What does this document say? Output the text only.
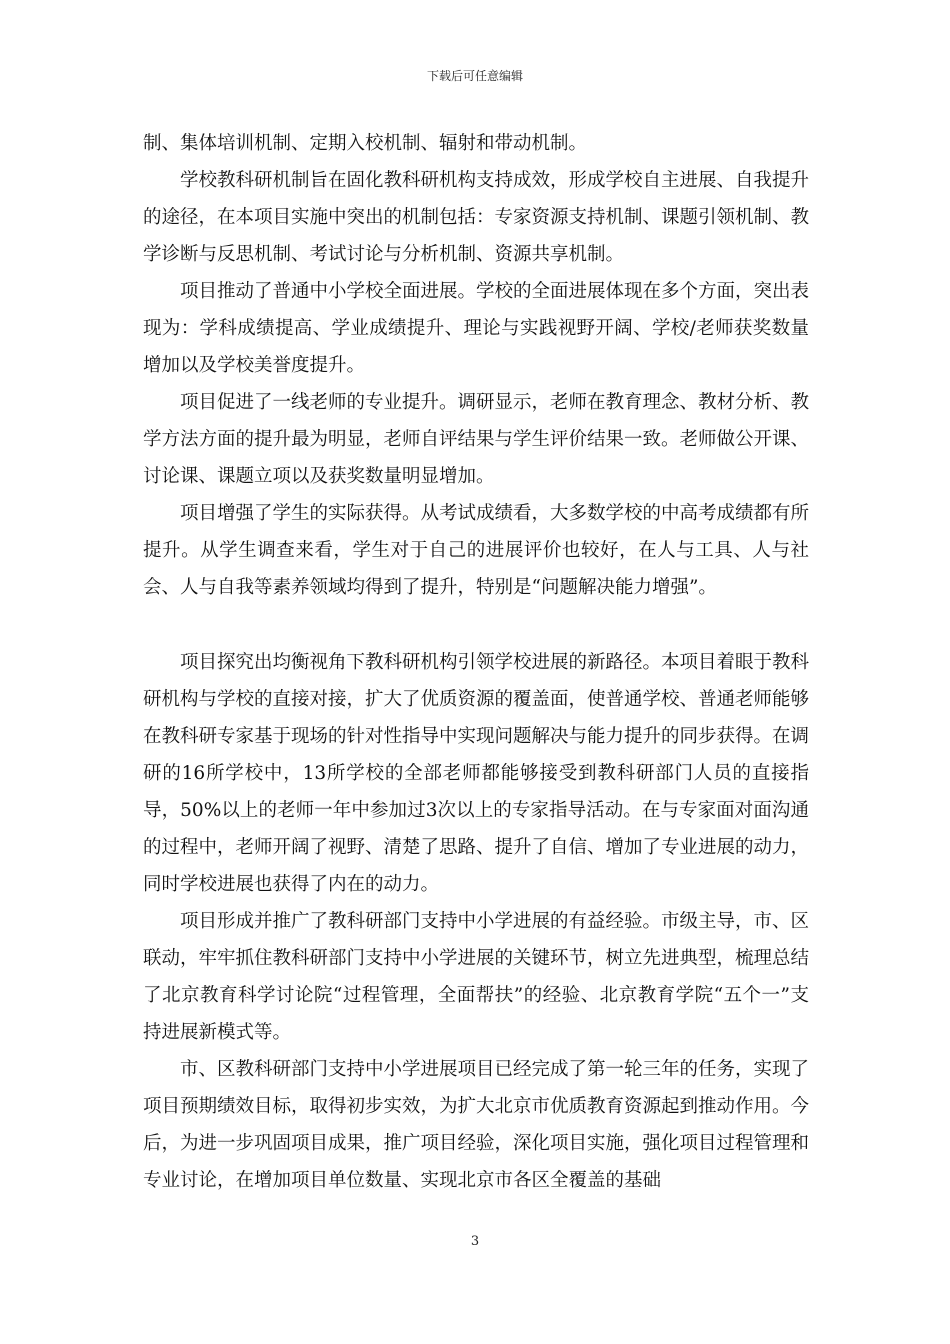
下载后可任意编辑

制、集体培训机制、定期入校机制、辐射和带动机制。

学校教科研机制旨在固化教科研机构支持成效，形成学校自主进展、自我提升的途径，在本项目实施中突出的机制包括：专家资源支持机制、课题引领机制、教学诊断与反思机制、考试讨论与分析机制、资源共享机制。

项目推动了普通中小学校全面进展。学校的全面进展体现在多个方面，突出表现为：学科成绩提高、学业成绩提升、理论与实践视野开阔、学校/老师获奖数量增加以及学校美誉度提升。

项目促进了一线老师的专业提升。调研显示，老师在教育理念、教材分析、教学方法方面的提升最为明显，老师自评结果与学生评价结果一致。老师做公开课、讨论课、课题立项以及获奖数量明显增加。

项目增强了学生的实际获得。从考试成绩看，大多数学校的中高考成绩都有所提升。从学生调查来看，学生对于自己的进展评价也较好，在人与工具、人与社会、人与自我等素养领域均得到了提升，特别是“问题解决能力增强”。

项目探究出均衡视角下教科研机构引领学校进展的新路径。本项目着眼于教科研机构与学校的直接对接，扩大了优质资源的覆盖面，使普通学校、普通老师能够在教科研专家基于现场的针对性指导中实现问题解决与能力提升的同步获得。在调研的16所学校中，13所学校的全部老师都能够接受到教科研部门人员的直接指导，50%以上的老师一年中参加过3次以上的专家指导活动。在与专家面对面沟通的过程中，老师开阔了视野、清楚了思路、提升了自信、增加了专业进展的动力，同时学校进展也获得了内在的动力。

项目形成并推广了教科研部门支持中小学进展的有益经验。市级主导，市、区联动，牢牢抓住教科研部门支持中小学进展的关键环节，树立先进典型，梳理总结了北京教育科学讨论院“过程管理，全面帮扶”的经验、北京教育学院“五个一”支持进展新模式等。

市、区教科研部门支持中小学进展项目已经完成了第一轮三年的任务，实现了项目预期绩效目标，取得初步实效，为扩大北京市优质教育资源起到推动作用。今后，为进一步巩固项目成果，推广项目经验，深化项目实施，强化项目过程管理和专业讨论，在增加项目单位数量、实现北京市各区全覆盖的基础

3
